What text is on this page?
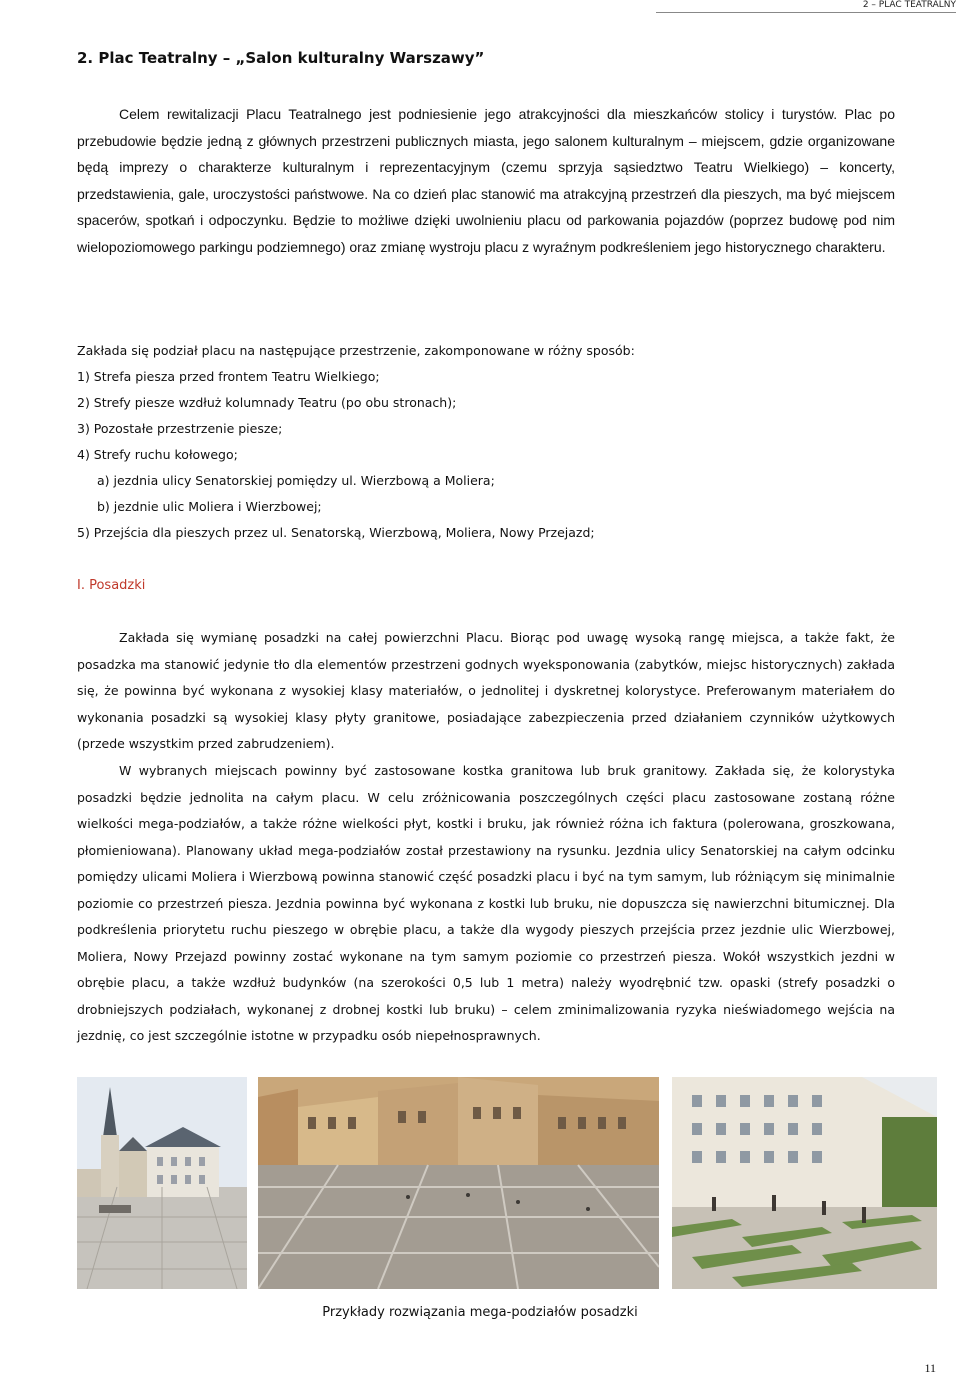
2 – PLAC TEATRALNY
2. Plac Teatralny – „Salon kulturalny Warszawy”

Celem rewitalizacji Placu Teatralnego jest podniesienie jego atrakcyjności dla mieszkańców stolicy i turystów. Plac po przebudowie będzie jedną z głównych przestrzeni publicznych miasta, jego salonem kulturalnym – miejscem, gdzie organizowane będą imprezy o charakterze kulturalnym i reprezentacyjnym (czemu sprzyja sąsiedztwo Teatru Wielkiego) – koncerty, przedstawienia, gale, uroczystości państwowe. Na co dzień plac stanowić ma atrakcyjną przestrzeń dla pieszych, ma być miejscem spacerów, spotkań i odpoczynku. Będzie to możliwe dzięki uwolnieniu placu od parkowania pojazdów (poprzez budowę pod nim wielopoziomowego parkingu podziemnego) oraz zmianę wystroju placu z wyraźnym podkreśleniem jego historycznego charakteru.

Zakłada się podział placu na następujące przestrzenie, zakomponowane w różny sposób:

1) Strefa piesza przed frontem Teatru Wielkiego;

2) Strefy piesze wzdłuż kolumnady Teatru (po obu stronach);

3) Pozostałe przestrzenie piesze;

4) Strefy ruchu kołowego;

a) jezdnia ulicy Senatorskiej pomiędzy ul. Wierzbową a Moliera;

b) jezdnie ulic Moliera i Wierzbowej;

5) Przejścia dla pieszych przez ul. Senatorską, Wierzbową, Moliera, Nowy Przejazd;

I. Posadzki

Zakłada się wymianę posadzki na całej powierzchni Placu. Biorąc pod uwagę wysoką rangę miejsca, a także fakt, że posadzka ma stanowić jedynie tło dla elementów przestrzeni godnych wyeksponowania (zabytków, miejsc historycznych) zakłada się, że powinna być wykonana z wysokiej klasy materiałów, o jednolitej i dyskretnej kolorystyce. Preferowanym materiałem do wykonania posadzki są wysokiej klasy płyty granitowe, posiadające zabezpieczenia przed działaniem czynników użytkowych (przede wszystkim przed zabrudzeniem).

W wybranych miejscach powinny być zastosowane kostka granitowa lub bruk granitowy. Zakłada się, że kolorystyka posadzki będzie jednolita na całym placu. W celu zróżnicowania poszczególnych części placu zastosowane zostaną różne wielkości mega-podziałów, a także różne wielkości płyt, kostki i bruku, jak również różna ich faktura (polerowana, groszkowana, płomieniowana). Planowany układ mega-podziałów został przestawiony na rysunku. Jezdnia ulicy Senatorskiej na całym odcinku pomiędzy ulicami Moliera i Wierzbową powinna stanowić część posadzki placu i być na tym samym, lub różniącym się minimalnie poziomie co przestrzeń piesza. Jezdnia powinna być wykonana z kostki lub bruku, nie dopuszcza się nawierzchni bitumicznej. Dla podkreślenia priorytetu ruchu pieszego w obrębie placu, a także dla wygody pieszych przejścia przez jezdnie ulic Wierzbowej, Moliera, Nowy Przejazd powinny zostać wykonane na tym samym poziomie co przestrzeń piesza. Wokół wszystkich jezdni w obrębie placu, a także wzdłuż budynków (na szerokości 0,5 lub 1 metra) należy wyodrębnić tzw. opaski (strefy posadzki o drobniejszych podziałach, wykonanej z drobnej kostki lub bruku) – celem zminimalizowania ryzyka nieświadomego wejścia na jezdnię, co jest szczególnie istotne w przypadku osób niepełnosprawnych.

Przykłady rozwiązania mega-podziałów posadzki

11
